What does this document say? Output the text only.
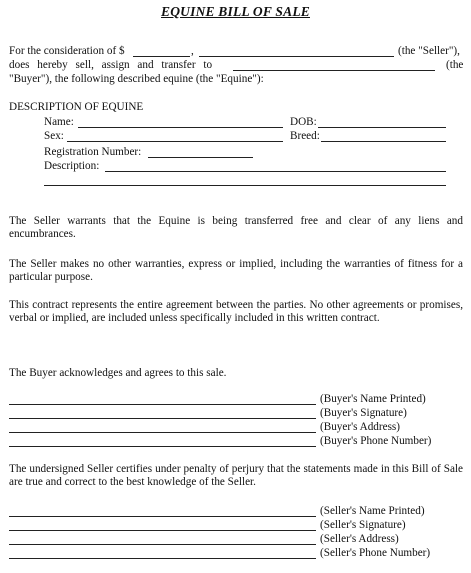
EQUINE BILL OF SALE
For the consideration of $	,	(the "Seller"),
does hereby sell, assign and transfer to	(the
"Buyer"), the following described equine (the "Equine"):
DESCRIPTION OF EQUINE
Name:	DOB:
Sex:	Breed:
Registration Number:
Description:
The Seller warrants that the Equine is being transferred free and clear of any liens and encumbrances.
The Seller makes no other warranties, express or implied, including the warranties of fitness for a particular purpose.
This contract represents the entire agreement between the parties. No other agreements or promises, verbal or implied, are included unless specifically included in this written contract.
The Buyer acknowledges and agrees to this sale.
(Buyer's Name Printed)
(Buyer's Signature)
(Buyer's Address)
(Buyer's Phone Number)
The undersigned Seller certifies under penalty of perjury that the statements made in this Bill of Sale are true and correct to the best knowledge of the Seller.
(Seller's Name Printed)
(Seller's Signature)
(Seller's Address)
(Seller's Phone Number)
